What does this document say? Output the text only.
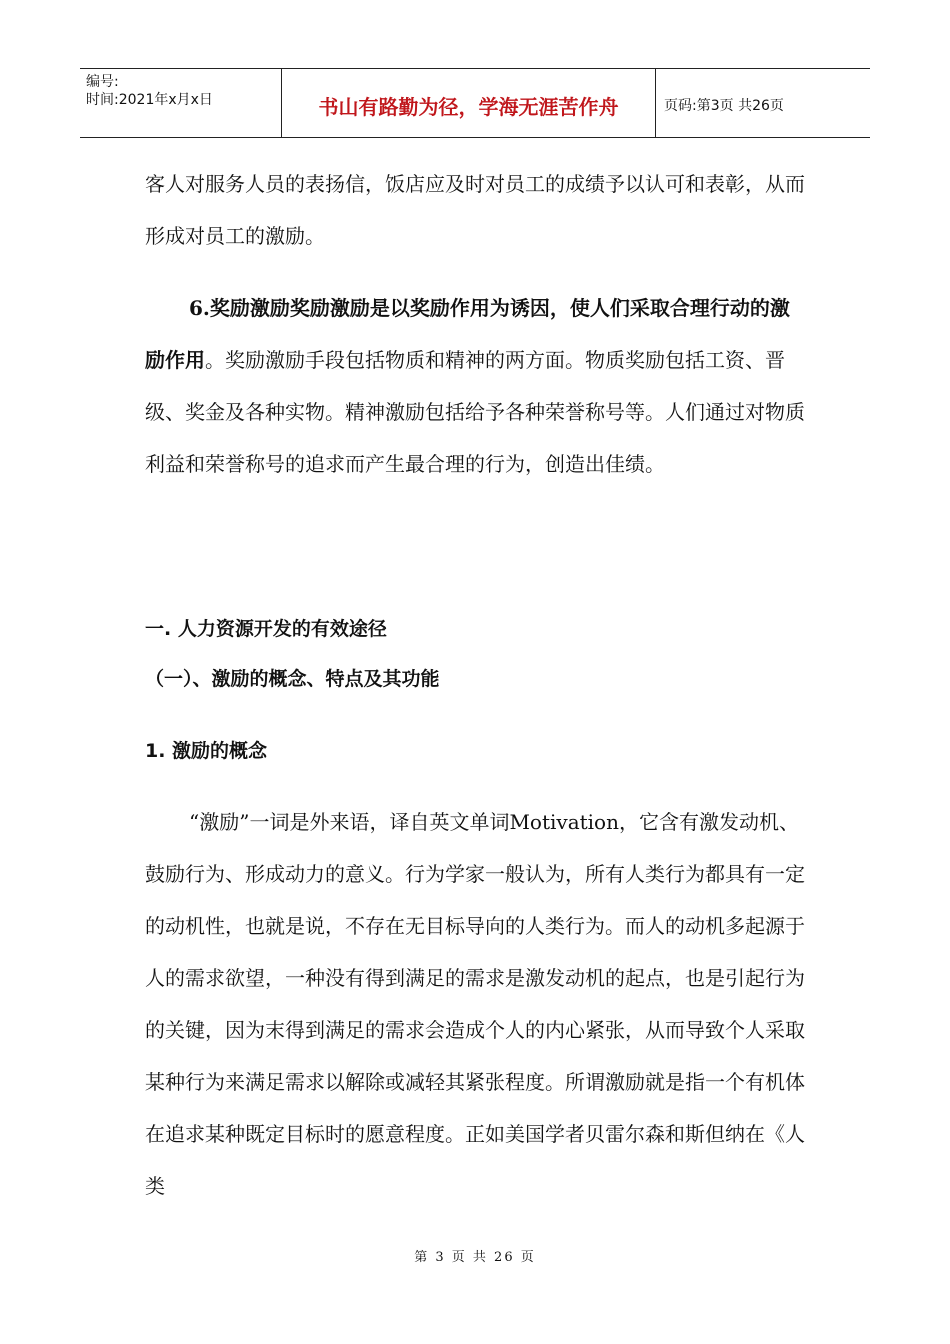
编号:
时间:2021年x月x日	书山有路勤为径，学海无涯苦作舟	页码:第3页 共26页

客人对服务人员的表扬信，饭店应及时对员工的成绩予以认可和表彰，从而形成对员工的激励。

6.奖励激励奖励激励是以奖励作用为诱因，使人们采取合理行动的激励作用。奖励激励手段包括物质和精神的两方面。物质奖励包括工资、晋级、奖金及各种实物。精神激励包括给予各种荣誉称号等。人们通过对物质利益和荣誉称号的追求而产生最合理的行为，创造出佳绩。

一. 人力资源开发的有效途径
（一）、激励的概念、特点及其功能
1. 激励的概念

“激励”一词是外来语，译自英文单词Motivation，它含有激发动机、鼓励行为、形成动力的意义。行为学家一般认为，所有人类行为都具有一定的动机性，也就是说，不存在无目标导向的人类行为。而人的动机多起源于人的需求欲望，一种没有得到满足的需求是激发动机的起点，也是引起行为的关键，因为末得到满足的需求会造成个人的内心紧张，从而导致个人采取某种行为来满足需求以解除或减轻其紧张程度。所谓激励就是指一个有机体在追求某种既定目标时的愿意程度。正如美国学者贝雷尔森和斯但纳在《人类

第 3 页 共 26 页
